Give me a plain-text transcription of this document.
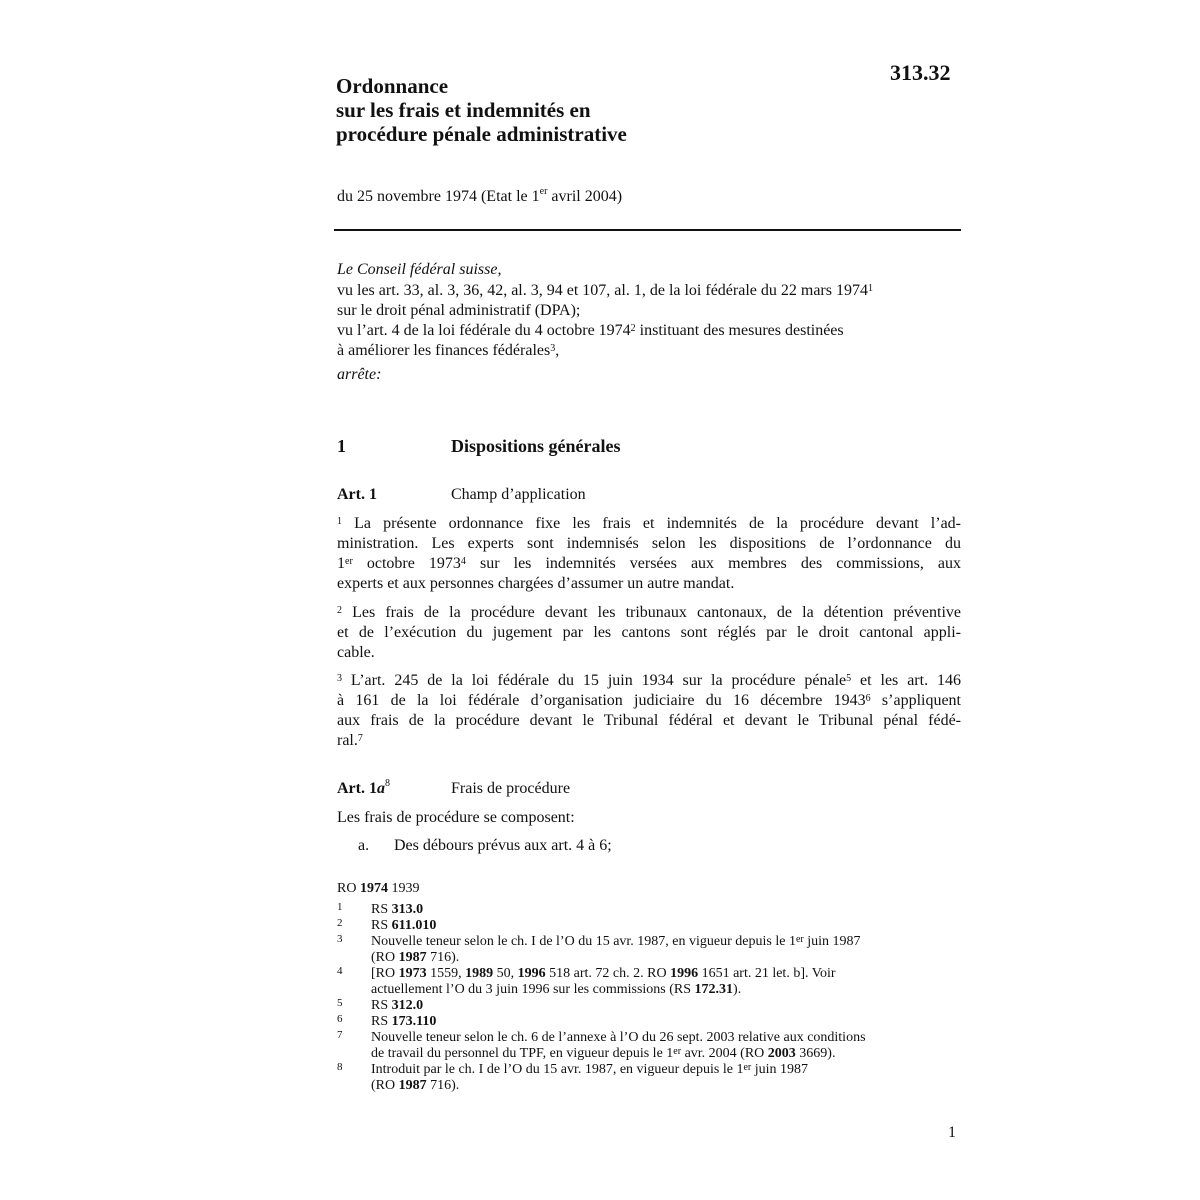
313.32
Ordonnance
sur les frais et indemnités en
procédure pénale administrative
du 25 novembre 1974 (Etat le 1er avril 2004)
Le Conseil fédéral suisse,
vu les art. 33, al. 3, 36, 42, al. 3, 94 et 107, al. 1, de la loi fédérale du 22 mars 1974$^1$
sur le droit pénal administratif (DPA);
vu l’art. 4 de la loi fédérale du 4 octobre 1974$^2$ instituant des mesures destinées
à améliorer les finances fédérales$^3$,
arrête:
1	Dispositions générales
Art. 1	Champ d’application
$^1$ La présente ordonnance fixe les frais et indemnités de la procédure devant l’ad-
ministration. Les experts sont indemnisés selon les dispositions de l’ordonnance du
1er octobre 1973$^4$ sur les indemnités versées aux membres des commissions, aux
experts et aux personnes chargées d’assumer un autre mandat.
$^2$ Les frais de la procédure devant les tribunaux cantonaux, de la détention préventive
et de l’exécution du jugement par les cantons sont réglés par le droit cantonal appli-
cable.
$^3$ L’art. 245 de la loi fédérale du 15 juin 1934 sur la procédure pénale$^5$ et les art. 146
à 161 de la loi fédérale d’organisation judiciaire du 16 décembre 1943$^6$ s’appliquent
aux frais de la procédure devant le Tribunal fédéral et devant le Tribunal pénal fédé-
ral.$^7$
Art. $1a^8$	Frais de procédure
Les frais de procédure se composent:
a. Des débours prévus aux art. 4 à 6;
RO 1974 1939
1 RS 313.0
2 RS 611.010
3 Nouvelle teneur selon le ch. I de l’O du 15 avr. 1987, en vigueur depuis le 1er juin 1987
(RO 1987 716).
4 [RO 1973 1559, 1989 50, 1996 518 art. 72 ch. 2. RO 1996 1651 art. 21 let. b]. Voir
actuellement l’O du 3 juin 1996 sur les commissions (RS 172.31).
5 RS 312.0
6 RS 173.110
7 Nouvelle teneur selon le ch. 6 de l’annexe à l’O du 26 sept. 2003 relative aux conditions
de travail du personnel du TPF, en vigueur depuis le 1er avr. 2004 (RO 2003 3669).
8 Introduit par le ch. I de l’O du 15 avr. 1987, en vigueur depuis le 1er juin 1987
(RO 1987 716).
1
